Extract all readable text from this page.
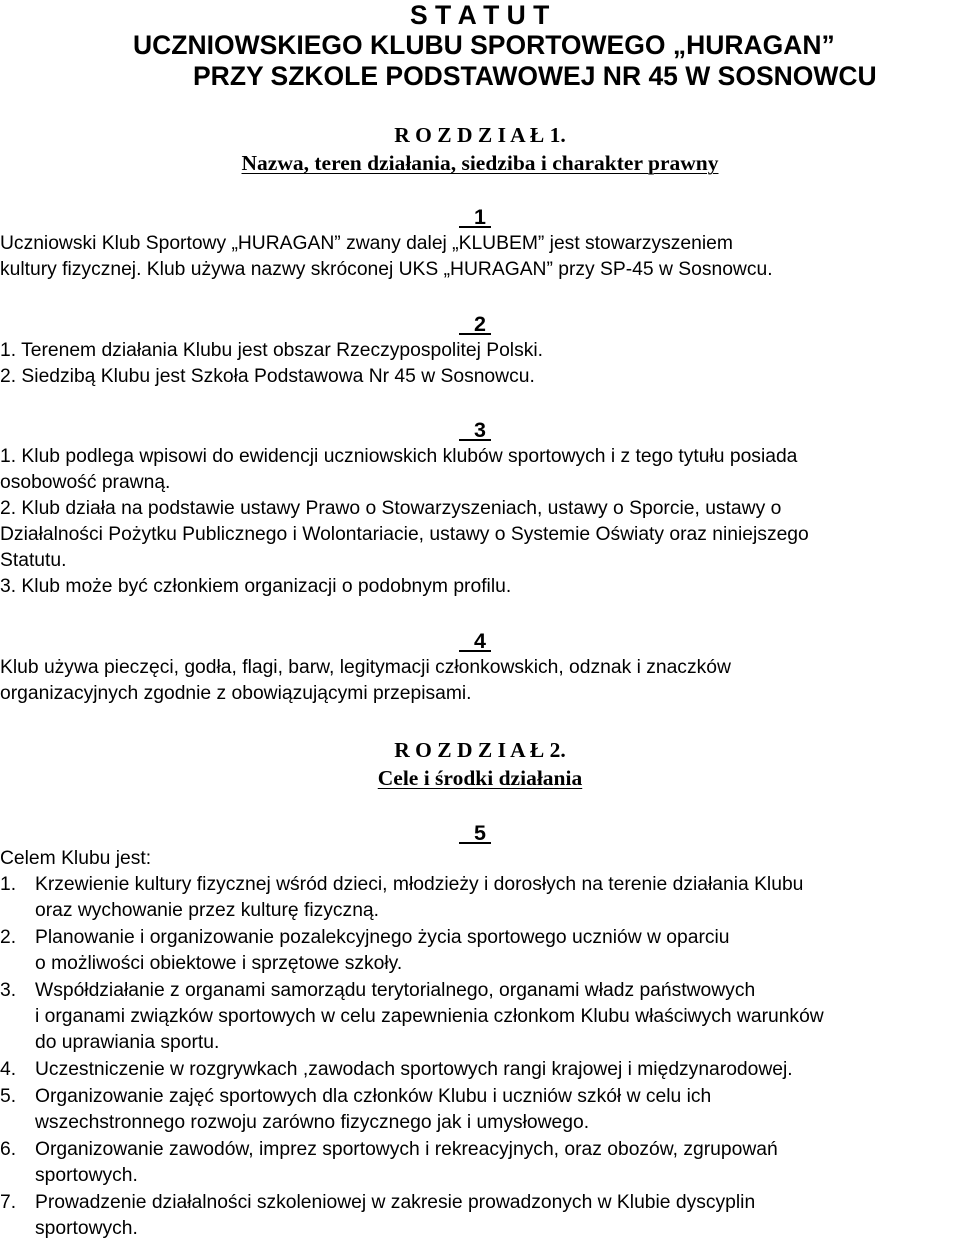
S T A T U T
UCZNIOWSKIEGO KLUBU SPORTOWEGO „HURAGAN”
PRZY SZKOLE PODSTAWOWEJ NR 45 W SOSNOWCU
R O Z D Z I A Ł 1.
Nazwa, teren działania, siedziba i charakter prawny
1
Uczniowski Klub Sportowy „HURAGAN” zwany dalej „KLUBEM” jest stowarzyszeniem
kultury fizycznej. Klub używa nazwy skróconej UKS „HURAGAN” przy SP-45 w Sosnowcu.
2
1. Terenem działania Klubu jest obszar Rzeczypospolitej Polski.
2. Siedzibą Klubu jest Szkoła Podstawowa Nr 45 w Sosnowcu.
3
1. Klub podlega wpisowi do ewidencji uczniowskich klubów sportowych i z tego tytułu posiada
osobowość prawną.
2. Klub działa na podstawie ustawy Prawo o Stowarzyszeniach, ustawy o Sporcie, ustawy o
Działalności Pożytku Publicznego i Wolontariacie, ustawy o Systemie Oświaty oraz niniejszego
Statutu.
3. Klub może być członkiem organizacji o podobnym profilu.
4
Klub używa pieczęci, godła, flagi, barw, legitymacji członkowskich, odznak i znaczków
organizacyjnych zgodnie z obowiązującymi przepisami.
R O Z D Z I A Ł 2.
Cele i środki działania
5
Celem Klubu jest:
1. Krzewienie kultury fizycznej wśród dzieci, młodzieży i dorosłych na terenie działania Klubu
oraz wychowanie przez kulturę fizyczną.
2. Planowanie i organizowanie pozalekcyjnego życia sportowego uczniów w oparciu
o możliwości obiektowe i sprzętowe szkoły.
3. Współdziałanie z organami samorządu terytorialnego, organami władz państwowych
i organami związków sportowych w celu zapewnienia członkom Klubu właściwych warunków
do uprawiania sportu.
4. Uczestniczenie w rozgrywkach ,zawodach sportowych rangi krajowej i międzynarodowej.
5. Organizowanie zajęć sportowych dla członków Klubu i uczniów szkół w celu ich
wszechstronnego rozwoju zarówno fizycznego jak i umysłowego.
6. Organizowanie zawodów, imprez sportowych i rekreacyjnych, oraz obozów, zgrupowań
sportowych.
7. Prowadzenie działalności szkoleniowej w zakresie prowadzonych w Klubie dyscyplin
sportowych.
